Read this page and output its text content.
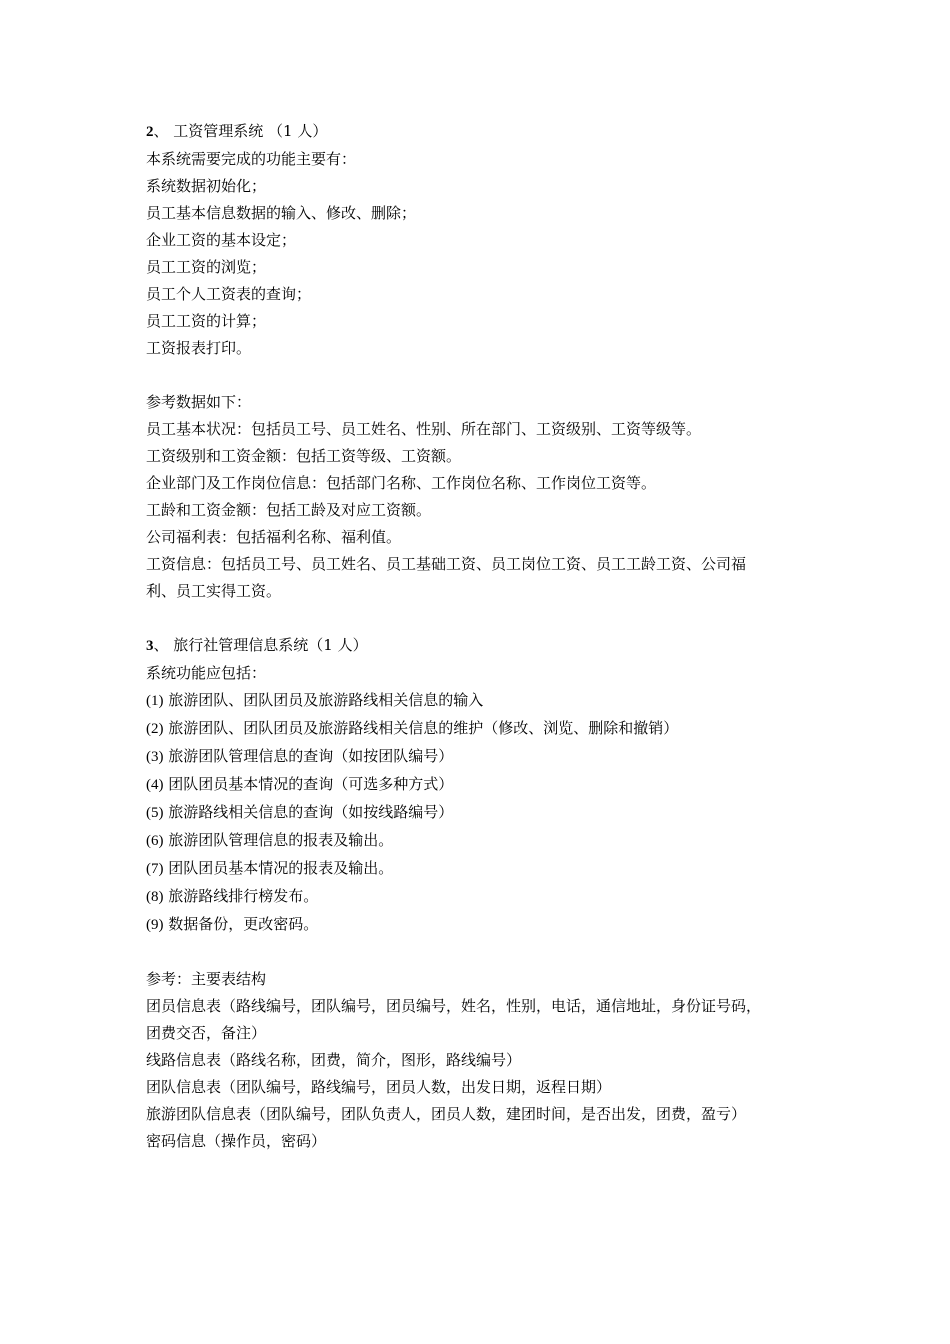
2、 工资管理系统 （1 人）
本系统需要完成的功能主要有：
系统数据初始化；
员工基本信息数据的输入、修改、删除；
企业工资的基本设定；
员工工资的浏览；
员工个人工资表的查询；
员工工资的计算；
工资报表打印。
参考数据如下：
员工基本状况：包括员工号、员工姓名、性别、所在部门、工资级别、工资等级等。
工资级别和工资金额：包括工资等级、工资额。
企业部门及工作岗位信息：包括部门名称、工作岗位名称、工作岗位工资等。
工龄和工资金额：包括工龄及对应工资额。
公司福利表：包括福利名称、福利值。
工资信息：包括员工号、员工姓名、员工基础工资、员工岗位工资、员工工龄工资、公司福
利、员工实得工资。
3、 旅行社管理信息系统（1 人）
系统功能应包括：
(1) 旅游团队、团队团员及旅游路线相关信息的输入
(2) 旅游团队、团队团员及旅游路线相关信息的维护（修改、浏览、删除和撤销）
(3) 旅游团队管理信息的查询（如按团队编号）
(4) 团队团员基本情况的查询（可选多种方式）
(5) 旅游路线相关信息的查询（如按线路编号）
(6) 旅游团队管理信息的报表及输出。
(7) 团队团员基本情况的报表及输出。
(8) 旅游路线排行榜发布。
(9) 数据备份，更改密码。
参考：主要表结构
团员信息表（路线编号，团队编号，团员编号，姓名，性别，电话，通信地址，身份证号码，
团费交否，备注）
线路信息表（路线名称，团费，简介，图形，路线编号）
团队信息表（团队编号，路线编号，团员人数，出发日期，返程日期）
旅游团队信息表（团队编号，团队负责人，团员人数，建团时间，是否出发，团费，盈亏）
密码信息（操作员，密码）
